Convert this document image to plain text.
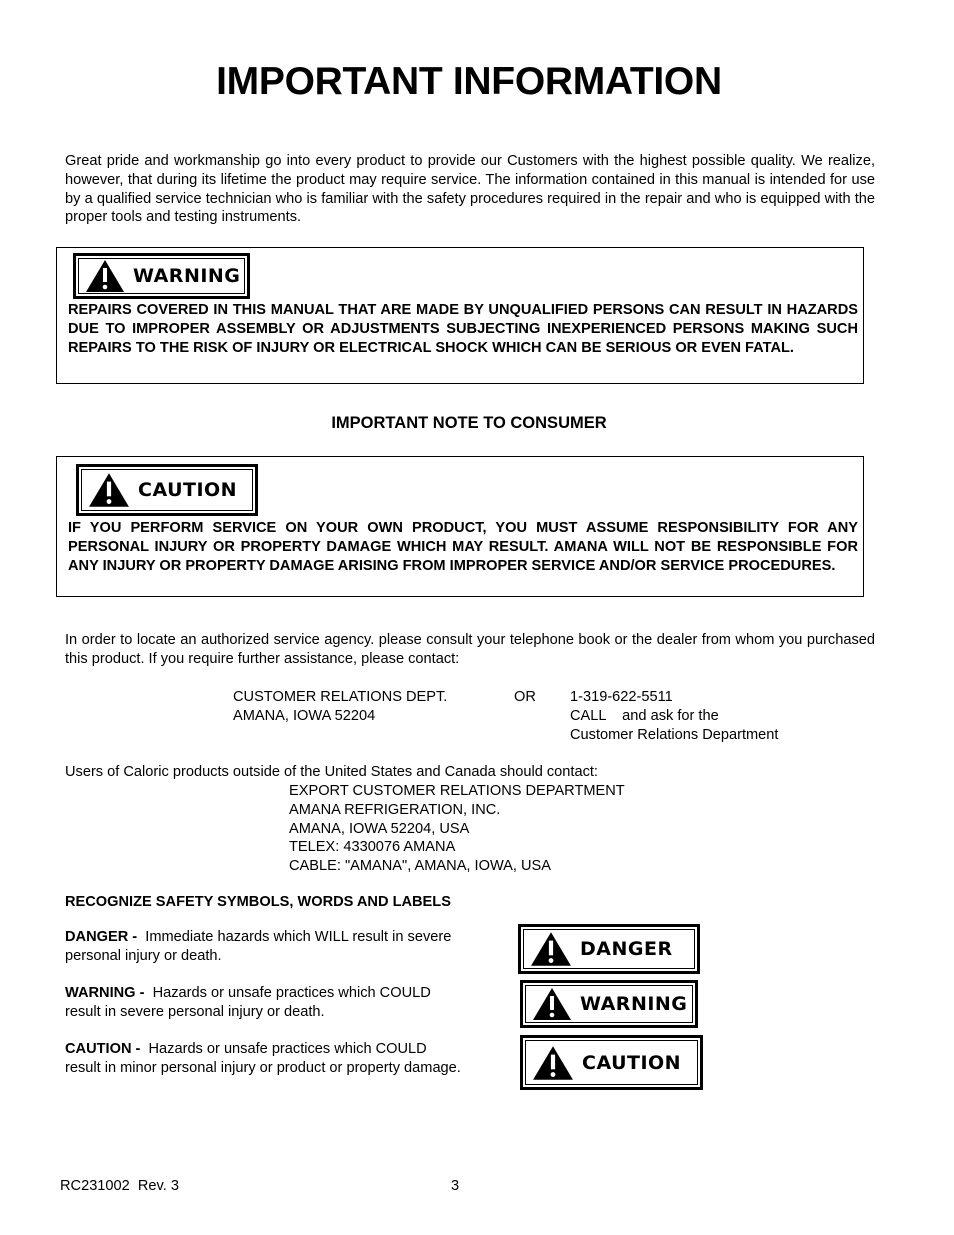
IMPORTANT INFORMATION

Great pride and workmanship go into every product to provide our Customers with the highest possible quality. We realize, however, that during its lifetime the product may require service. The information contained in this manual is intended for use by a qualified service technician who is familiar with the safety procedures required in the repair and who is equipped with the proper tools and testing instruments.

WARNING
REPAIRS COVERED IN THIS MANUAL THAT ARE MADE BY UNQUALIFIED PERSONS CAN RESULT IN HAZARDS DUE TO IMPROPER ASSEMBLY OR ADJUSTMENTS SUBJECTING INEXPERIENCED PERSONS MAKING SUCH REPAIRS TO THE RISK OF INJURY OR ELECTRICAL SHOCK WHICH CAN BE SERIOUS OR EVEN FATAL.
IMPORTANT NOTE TO CONSUMER
CAUTION
IF YOU PERFORM SERVICE ON YOUR OWN PRODUCT, YOU MUST ASSUME RESPONSIBILITY FOR ANY PERSONAL INJURY OR PROPERTY DAMAGE WHICH MAY RESULT. AMANA WILL NOT BE RESPONSIBLE FOR ANY INJURY OR PROPERTY DAMAGE ARISING FROM IMPROPER SERVICE AND/OR SERVICE PROCEDURES.

In order to locate an authorized service agency. please consult your telephone book or the dealer from whom you purchased this product. If you require further assistance, please contact:

CUSTOMER RELATIONS DEPT.
AMANA, IOWA 52204
OR 1-319-622-5511
CALL    and ask for the
Customer Relations Department
Users of Caloric products outside of the United States and Canada should contact:
EXPORT CUSTOMER RELATIONS DEPARTMENT
AMANA REFRIGERATION, INC.
AMANA, IOWA 52204, USA
TELEX: 4330076 AMANA
CABLE: "AMANA", AMANA, IOWA, USA
RECOGNIZE SAFETY SYMBOLS, WORDS AND LABELS
DANGER - Immediate hazards which WILL result in severe personal injury or death.
WARNING - Hazards or unsafe practices which COULD result in severe personal injury or death.
CAUTION - Hazards or unsafe practices which COULD result in minor personal injury or product or property damage.
DANGER
WARNING
CAUTION
RC231002  Rev. 3	3
